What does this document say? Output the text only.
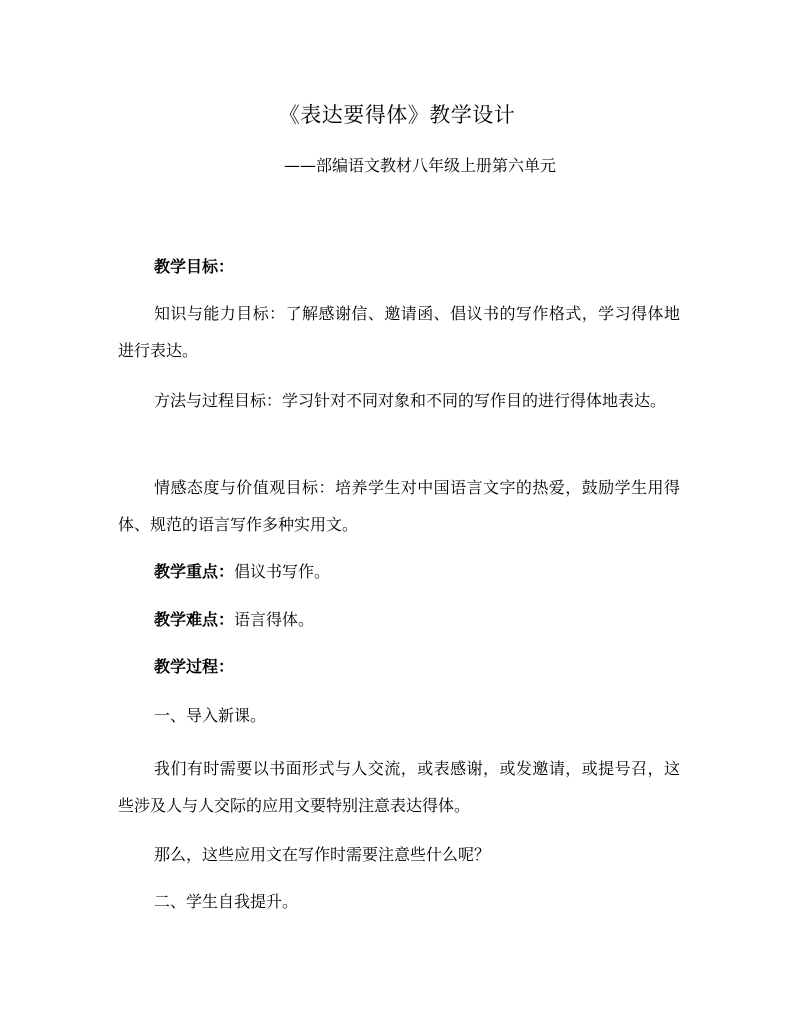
《表达要得体》教学设计
——部编语文教材八年级上册第六单元

教学目标：

知识与能力目标：了解感谢信、邀请函、倡议书的写作格式，学习得体地进行表达。

方法与过程目标：学习针对不同对象和不同的写作目的进行得体地表达。

情感态度与价值观目标：培养学生对中国语言文字的热爱，鼓励学生用得体、规范的语言写作多种实用文。

教学重点：倡议书写作。

教学难点：语言得体。

教学过程：

一、导入新课。

我们有时需要以书面形式与人交流，或表感谢，或发邀请，或提号召，这些涉及人与人交际的应用文要特别注意表达得体。

那么，这些应用文在写作时需要注意些什么呢？

二、学生自我提升。
